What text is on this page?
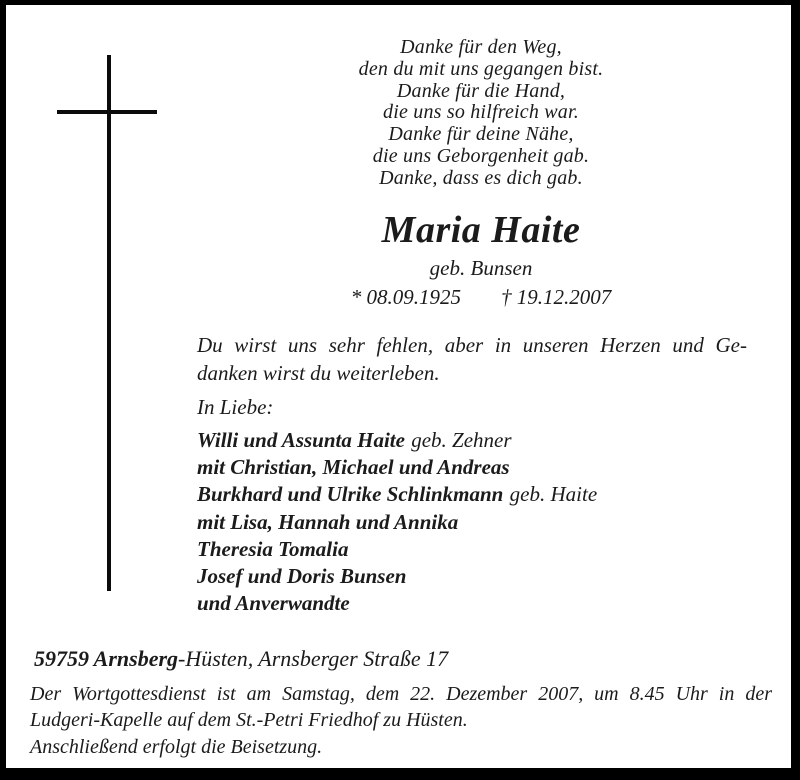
Danke für den Weg,
den du mit uns gegangen bist.
Danke für die Hand,
die uns so hilfreich war.
Danke für deine Nähe,
die uns Geborgenheit gab.
Danke, dass es dich gab.
Maria Haite
geb. Bunsen
* 08.09.1925 † 19.12.2007
Du wirst uns sehr fehlen, aber in unseren Herzen und Ge-
danken wirst du weiterleben.
In Liebe:
Willi und Assunta Haite geb. Zehner
mit Christian, Michael und Andreas
Burkhard und Ulrike Schlinkmann geb. Haite
mit Lisa, Hannah und Annika
Theresia Tomalia
Josef und Doris Bunsen
und Anverwandte
59759 Arnsberg-Hüsten, Arnsberger Straße 17
Der Wortgottesdienst ist am Samstag, dem 22. Dezember 2007, um 8.45 Uhr in der
Ludgeri-Kapelle auf dem St.-Petri Friedhof zu Hüsten.
Anschließend erfolgt die Beisetzung.
